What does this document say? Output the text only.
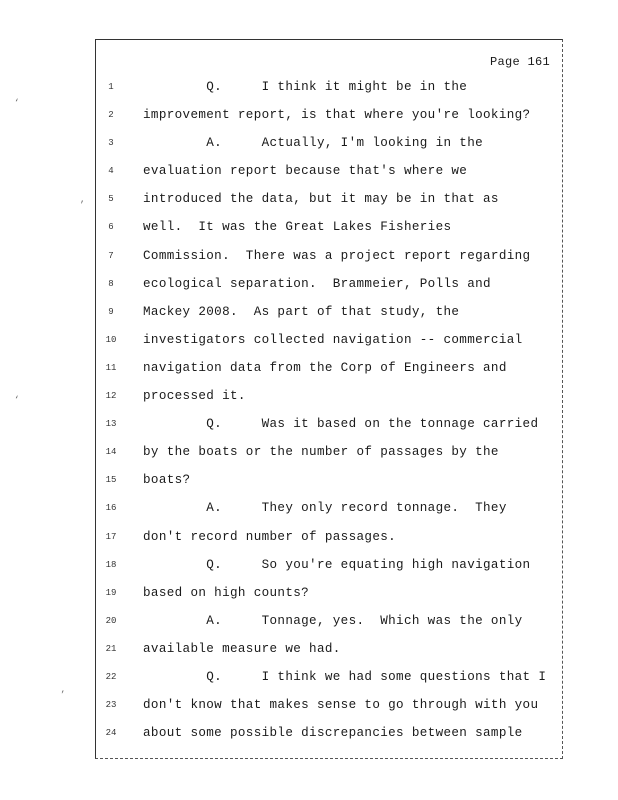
Page 161
1	Q.     I think it might be in the
2	improvement report, is that where you're looking?
3	A.     Actually, I'm looking in the
4	evaluation report because that's where we
5	introduced the data, but it may be in that as
6	well.  It was the Great Lakes Fisheries
7	Commission.  There was a project report regarding
8	ecological separation.  Brammeier, Polls and
9	Mackey 2008.  As part of that study, the
10	investigators collected navigation -- commercial
11	navigation data from the Corp of Engineers and
12	processed it.
13	Q.     Was it based on the tonnage carried
14	by the boats or the number of passages by the
15	boats?
16	A.     They only record tonnage.  They
17	don't record number of passages.
18	Q.     So you're equating high navigation
19	based on high counts?
20	A.     Tonnage, yes.  Which was the only
21	available measure we had.
22	Q.     I think we had some questions that I
23	don't know that makes sense to go through with you
24	about some possible discrepancies between sample
‘
‘
,
’
